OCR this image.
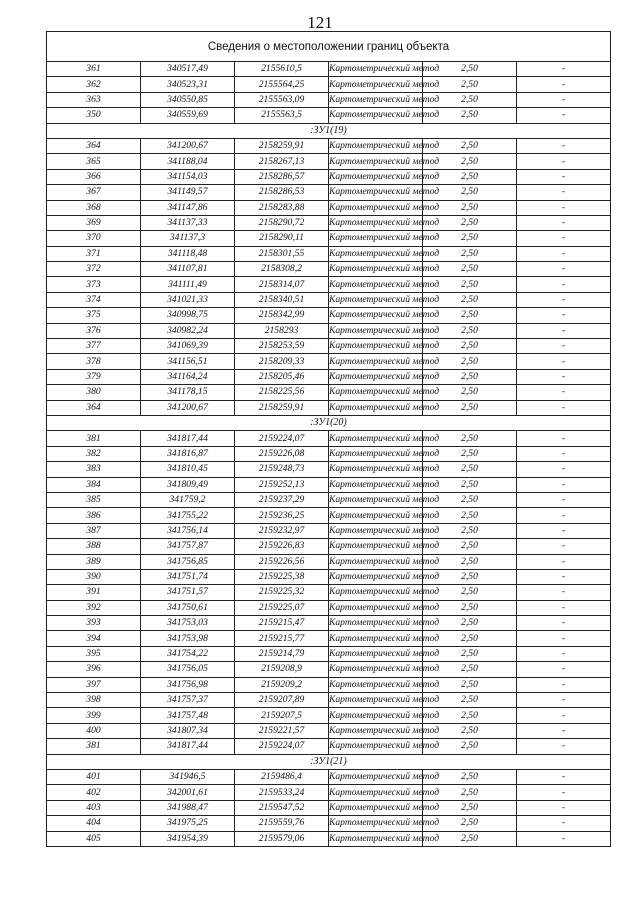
121
Сведения о местоположении границ объекта					
361	340517,49	2155610,5	Картометрический метод	2,50	-
362	340523,31	2155564,25	Картометрический метод	2,50	-
363	340550,85	2155563,09	Картометрический метод	2,50	-
350	340559,69	2155563,5	Картометрический метод	2,50	-
:ЗУ1(19)					
364	341200,67	2158259,91	Картометрический метод	2,50	-
365	341188,04	2158267,13	Картометрический метод	2,50	-
366	341154,03	2158286,57	Картометрический метод	2,50	-
367	341149,57	2158286,53	Картометрический метод	2,50	-
368	341147,86	2158283,88	Картометрический метод	2,50	-
369	341137,33	2158290,72	Картометрический метод	2,50	-
370	341137,3	2158290,11	Картометрический метод	2,50	-
371	341118,48	2158301,55	Картометрический метод	2,50	-
372	341107,81	2158308,2	Картометрический метод	2,50	-
373	341111,49	2158314,07	Картометрический метод	2,50	-
374	341021,33	2158340,51	Картометрический метод	2,50	-
375	340998,75	2158342,99	Картометрический метод	2,50	-
376	340982,24	2158293	Картометрический метод	2,50	-
377	341069,39	2158253,59	Картометрический метод	2,50	-
378	341156,51	2158209,33	Картометрический метод	2,50	-
379	341164,24	2158205,46	Картометрический метод	2,50	-
380	341178,15	2158225,56	Картометрический метод	2,50	-
364	341200,67	2158259,91	Картометрический метод	2,50	-
:ЗУ1(20)					
381	341817,44	2159224,07	Картометрический метод	2,50	-
382	341816,87	2159226,08	Картометрический метод	2,50	-
383	341810,45	2159248,73	Картометрический метод	2,50	-
384	341809,49	2159252,13	Картометрический метод	2,50	-
385	341759,2	2159237,29	Картометрический метод	2,50	-
386	341755,22	2159236,25	Картометрический метод	2,50	-
387	341756,14	2159232,97	Картометрический метод	2,50	-
388	341757,87	2159226,83	Картометрический метод	2,50	-
389	341756,85	2159226,56	Картометрический метод	2,50	-
390	341751,74	2159225,38	Картометрический метод	2,50	-
391	341751,57	2159225,32	Картометрический метод	2,50	-
392	341750,61	2159225,07	Картометрический метод	2,50	-
393	341753,03	2159215,47	Картометрический метод	2,50	-
394	341753,98	2159215,77	Картометрический метод	2,50	-
395	341754,22	2159214,79	Картометрический метод	2,50	-
396	341756,05	2159208,9	Картометрический метод	2,50	-
397	341756,98	2159209,2	Картометрический метод	2,50	-
398	341757,37	2159207,89	Картометрический метод	2,50	-
399	341757,48	2159207,5	Картометрический метод	2,50	-
400	341807,34	2159221,57	Картометрический метод	2,50	-
381	341817,44	2159224,07	Картометрический метод	2,50	-
:ЗУ1(21)					
401	341946,5	2159486,4	Картометрический метод	2,50	-
402	342001,61	2159533,24	Картометрический метод	2,50	-
403	341988,47	2159547,52	Картометрический метод	2,50	-
404	341975,25	2159559,76	Картометрический метод	2,50	-
405	341954,39	2159579,06	Картометрический метод	2,50	-
